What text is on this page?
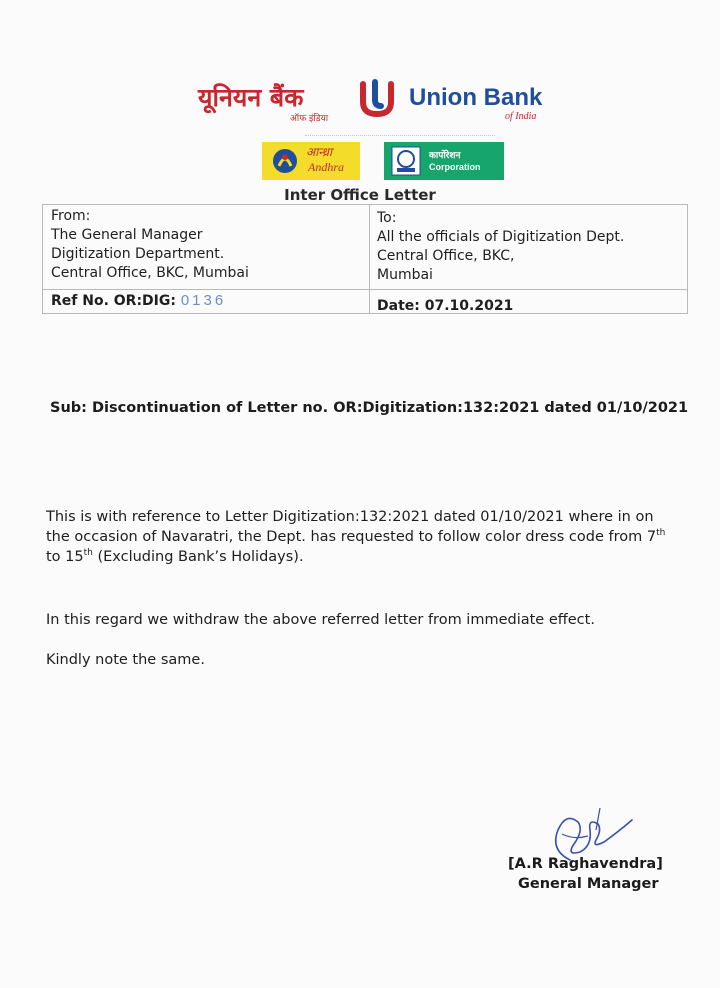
यूनियन बैंक
ऑफ इंडिया
Union Bank
of India
आन्ध्रा
Andhra
कार्पोरेशन
Corporation
Inter Office Letter
From:
The General Manager
Digitization Department.
Central Office, BKC, Mumbai
To:
All the officials of Digitization Dept.
Central Office, BKC,
Mumbai
Ref No. OR:DIG: 0136	Date: 07.10.2021
Sub: Discontinuation of Letter no. OR:Digitization:132:2021 dated 01/10/2021
This is with reference to Letter Digitization:132:2021 dated 01/10/2021 where in on
the occasion of Navaratri, the Dept. has requested to follow color dress code from 7th
to 15th (Excluding Bank’s Holidays).
In this regard we withdraw the above referred letter from immediate effect.
Kindly note the same.
[A.R Raghavendra]
General Manager
